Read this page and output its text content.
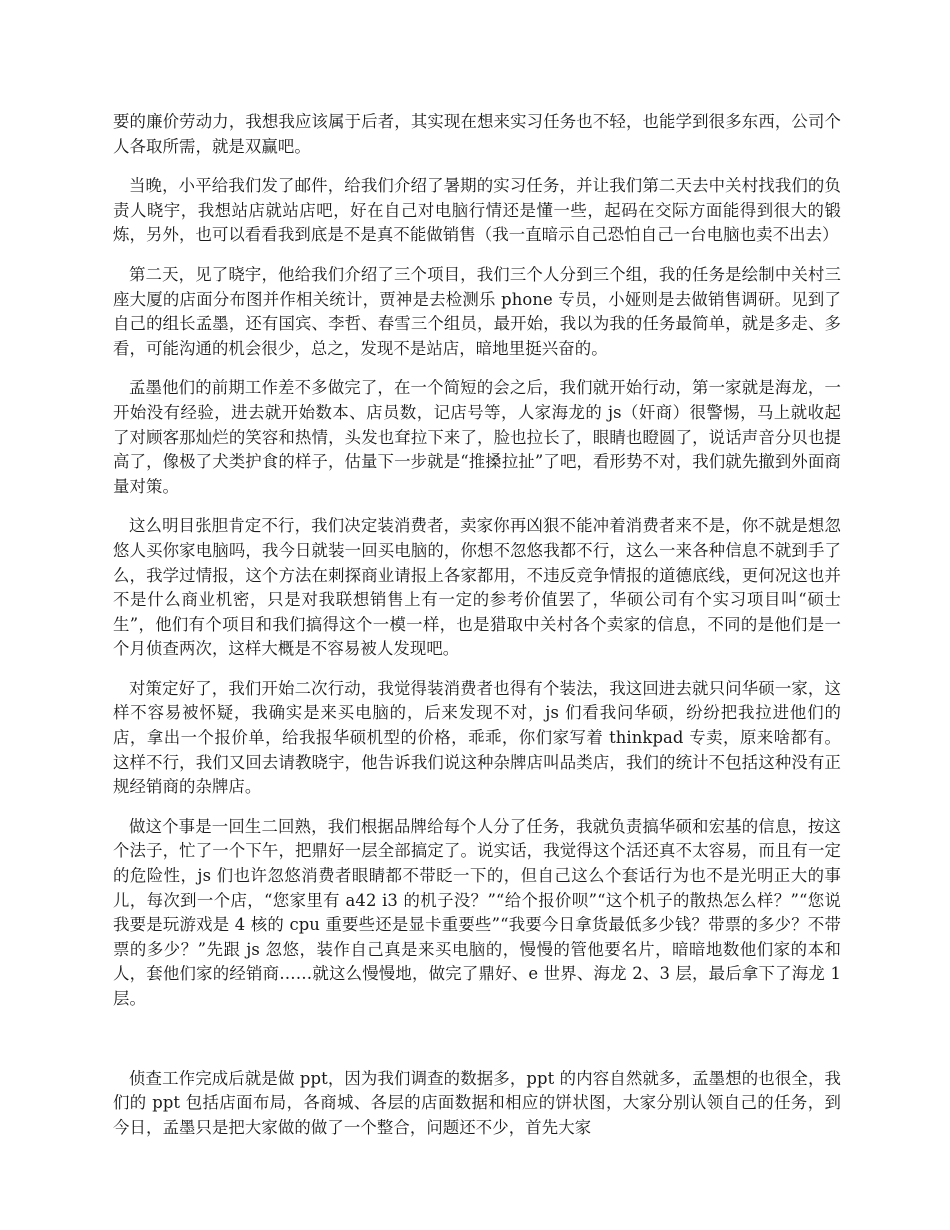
要的廉价劳动力，我想我应该属于后者，其实现在想来实习任务也不轻，也能学到很多东西，公司个人各取所需，就是双赢吧。

当晚，小平给我们发了邮件，给我们介绍了暑期的实习任务，并让我们第二天去中关村找我们的负责人晓宇，我想站店就站店吧，好在自己对电脑行情还是懂一些，起码在交际方面能得到很大的锻炼，另外，也可以看看我到底是不是真不能做销售（我一直暗示自己恐怕自己一台电脑也卖不出去）

第二天，见了晓宇，他给我们介绍了三个项目，我们三个人分到三个组，我的任务是绘制中关村三座大厦的店面分布图并作相关统计，贾神是去检测乐 phone 专员，小娅则是去做销售调研。见到了自己的组长孟墨，还有国宾、李哲、春雪三个组员，最开始，我以为我的任务最简单，就是多走、多看，可能沟通的机会很少，总之，发现不是站店，暗地里挺兴奋的。

孟墨他们的前期工作差不多做完了，在一个简短的会之后，我们就开始行动，第一家就是海龙，一开始没有经验，进去就开始数本、店员数，记店号等，人家海龙的 js（奸商）很警惕，马上就收起了对顾客那灿烂的笑容和热情，头发也耷拉下来了，脸也拉长了，眼睛也瞪圆了，说话声音分贝也提高了，像极了犬类护食的样子，估量下一步就是“推搡拉扯”了吧，看形势不对，我们就先撤到外面商量对策。

这么明目张胆肯定不行，我们决定装消费者，卖家你再凶狠不能冲着消费者来不是，你不就是想忽悠人买你家电脑吗，我今日就装一回买电脑的，你想不忽悠我都不行，这么一来各种信息不就到手了么，我学过情报，这个方法在刺探商业请报上各家都用，不违反竞争情报的道德底线，更何况这也并不是什么商业机密，只是对我联想销售上有一定的参考价值罢了，华硕公司有个实习项目叫“硕士生”，他们有个项目和我们搞得这个一模一样，也是猎取中关村各个卖家的信息，不同的是他们是一个月侦查两次，这样大概是不容易被人发现吧。

对策定好了，我们开始二次行动，我觉得装消费者也得有个装法，我这回进去就只问华硕一家，这样不容易被怀疑，我确实是来买电脑的，后来发现不对，js 们看我问华硕，纷纷把我拉进他们的店，拿出一个报价单，给我报华硕机型的价格，乖乖，你们家写着 thinkpad 专卖，原来啥都有。这样不行，我们又回去请教晓宇，他告诉我们说这种杂牌店叫品类店，我们的统计不包括这种没有正规经销商的杂牌店。

做这个事是一回生二回熟，我们根据品牌给每个人分了任务，我就负责搞华硕和宏基的信息，按这个法子，忙了一个下午，把鼎好一层全部搞定了。说实话，我觉得这个活还真不太容易，而且有一定的危险性，js 们也许忽悠消费者眼睛都不带眨一下的，但自己这么个套话行为也不是光明正大的事儿，每次到一个店，“您家里有 a42 i3 的机子没？”“给个报价呗”“这个机子的散热怎么样？”“您说我要是玩游戏是 4 核的 cpu 重要些还是显卡重要些”“我要今日拿货最低多少钱？带票的多少？不带票的多少？”先跟 js 忽悠，装作自己真是来买电脑的，慢慢的管他要名片，暗暗地数他们家的本和人，套他们家的经销商……就这么慢慢地，做完了鼎好、e 世界、海龙 2、3 层，最后拿下了海龙 1 层。

侦查工作完成后就是做 ppt，因为我们调查的数据多，ppt 的内容自然就多，孟墨想的也很全，我们的 ppt 包括店面布局，各商城、各层的店面数据和相应的饼状图，大家分别认领自己的任务，到今日，孟墨只是把大家做的做了一个整合，问题还不少，首先大家
